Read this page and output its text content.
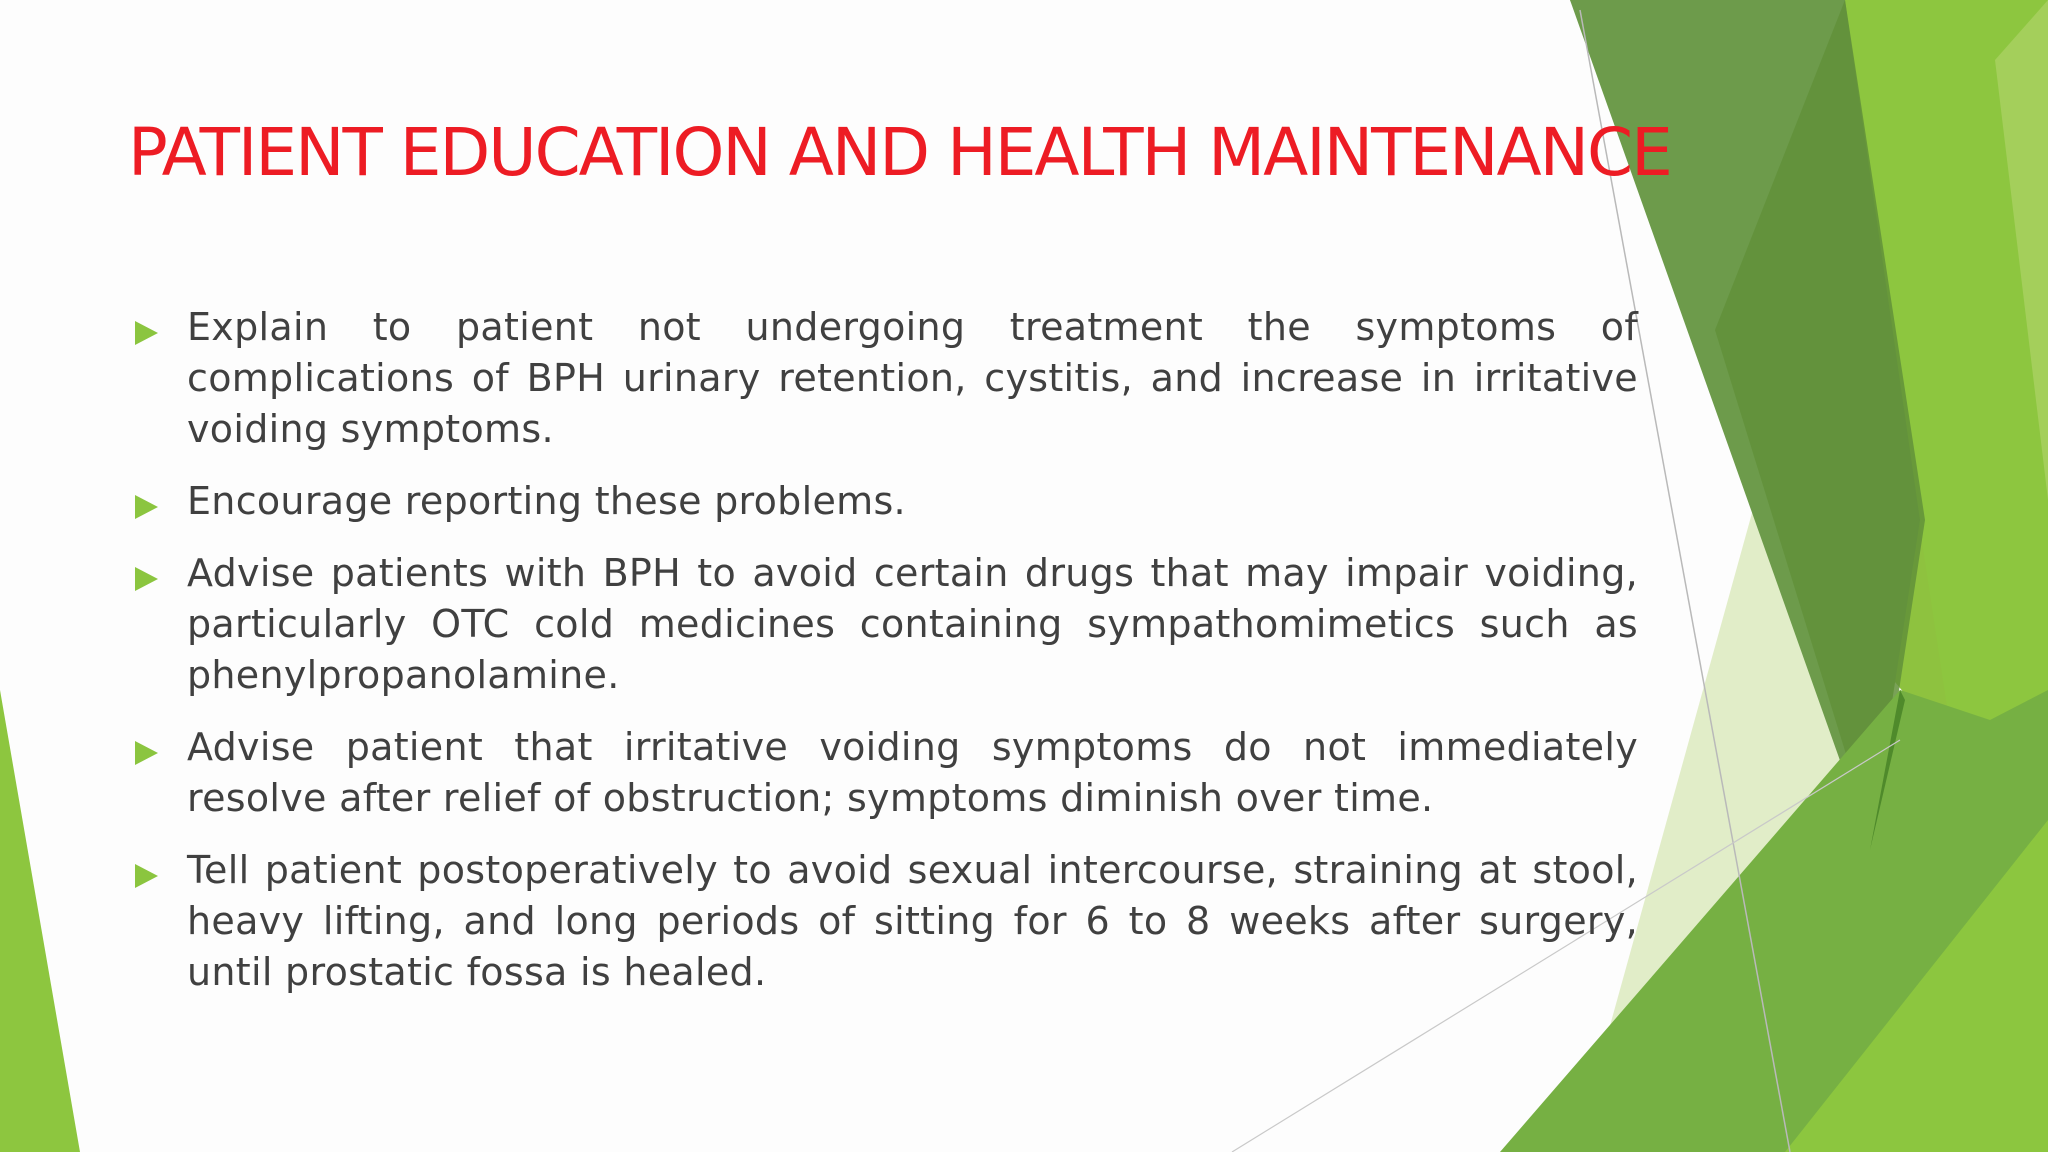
PATIENT EDUCATION AND HEALTH MAINTENANCE
Explain to patient not undergoing treatment the symptoms of complications of BPH urinary retention, cystitis, and increase in irritative voiding symptoms.
Encourage reporting these problems.
Advise patients with BPH to avoid certain drugs that may impair voiding, particularly OTC cold medicines containing sympathomimetics such as phenylpropanolamine.
Advise patient that irritative voiding symptoms do not immediately resolve after relief of obstruction; symptoms diminish over time.
Tell patient postoperatively to avoid sexual intercourse, straining at stool, heavy lifting, and long periods of sitting for 6 to 8 weeks after surgery, until prostatic fossa is healed.
